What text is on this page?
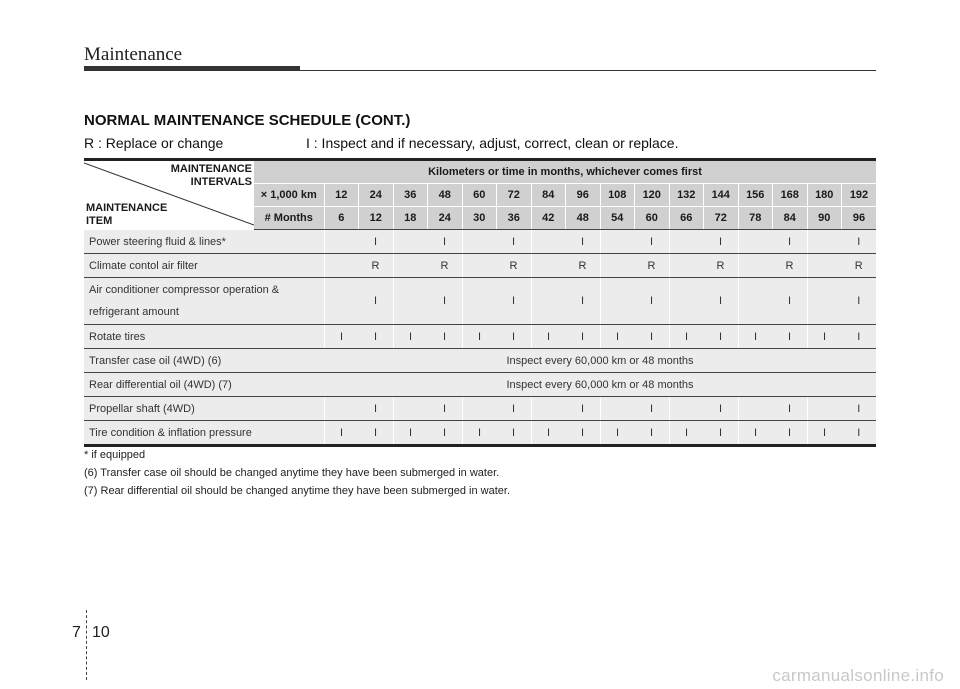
Maintenance
NORMAL MAINTENANCE SCHEDULE (CONT.)
R : Replace or change	I : Inspect and if necessary, adjust, correct, clean or replace.
MAINTENANCE
INTERVALS
MAINTENANCE
ITEM	Kilometers or time in months, whichever comes first																
	× 1,000 km	12	24	36	48	60	72	84	96	108	120	132	144	156	168	180	192
	# Months	6	12	18	24	30	36	42	48	54	60	66	72	78	84	90	96
Power steering fluid & lines*			I		I		I		I		I		I		I		I
Climate contol air filter			R		R		R		R		R		R		R		R
Air conditioner compressor operation &
refrigerant amount			I		I		I		I		I		I		I		I
Rotate tires		I	I	I	I	I	I	I	I	I	I	I	I	I	I	I	I
Transfer case oil (4WD) (6)		Inspect every 60,000 km or 48 months															
Rear differential oil (4WD) (7)		Inspect every 60,000 km or 48 months															
Propellar shaft (4WD)			I		I		I		I		I		I		I		I
Tire condition & inflation pressure		I	I	I	I	I	I	I	I	I	I	I	I	I	I	I	I
* if equipped
(6) Transfer case oil should be changed anytime they have been submerged in water.
(7) Rear differential oil should be changed anytime they have been submerged in water.
7 10
carmanualsonline.info
